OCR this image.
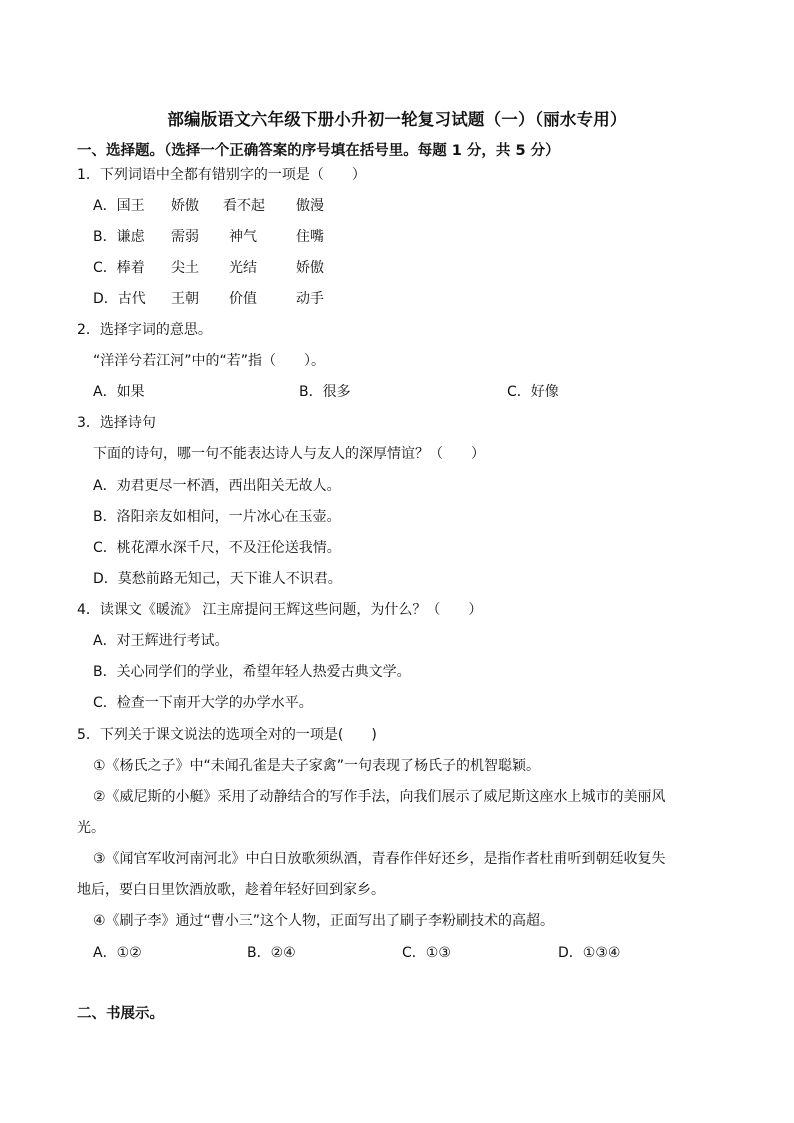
部编版语文六年级下册小升初一轮复习试题（一）（丽水专用）
一、选择题。（选择一个正确答案的序号填在括号里。每题 1 分，共 5 分）
1．下列词语中全都有错别字的一项是（　　）
A．国王 娇傲 看不起 傲漫
B．谦虑 需弱 神气	住嘴
C．棒着 尖土 光结	娇傲
D．古代 王朝 价值	动手
2．选择字词的意思。
“洋洋兮若江河”中的“若”指（　　）。
A．如果	B．很多	C．好像
3．选择诗句
下面的诗句，哪一句不能表达诗人与友人的深厚情谊？（　　）
A．劝君更尽一杯酒，西出阳关无故人。
B．洛阳亲友如相问，一片冰心在玉壶。
C．桃花潭水深千尺，不及汪伦送我情。
D．莫愁前路无知己，天下谁人不识君。
4．读课文《暖流》 江主席提问王辉这些问题，为什么？（　　）
A．对王辉进行考试。
B．关心同学们的学业，希望年轻人热爱古典文学。
C．检查一下南开大学的办学水平。
5．下列关于课文说法的选项全对的一项是(　　)
①《杨氏之子》中“未闻孔雀是夫子家禽”一句表现了杨氏子的机智聪颖。
②《威尼斯的小艇》采用了动静结合的写作手法，向我们展示了威尼斯这座水上城市的美丽风
光。
③《闻官军收河南河北》中白日放歌须纵酒，青春作伴好还乡，是指作者杜甫听到朝廷收复失
地后，要白日里饮酒放歌，趁着年轻好回到家乡。
④《刷子李》通过“曹小三”这个人物，正面写出了刷子李粉刷技术的高超。
A．①②	B．②④	C．①③	D．①③④
二、书展示。
